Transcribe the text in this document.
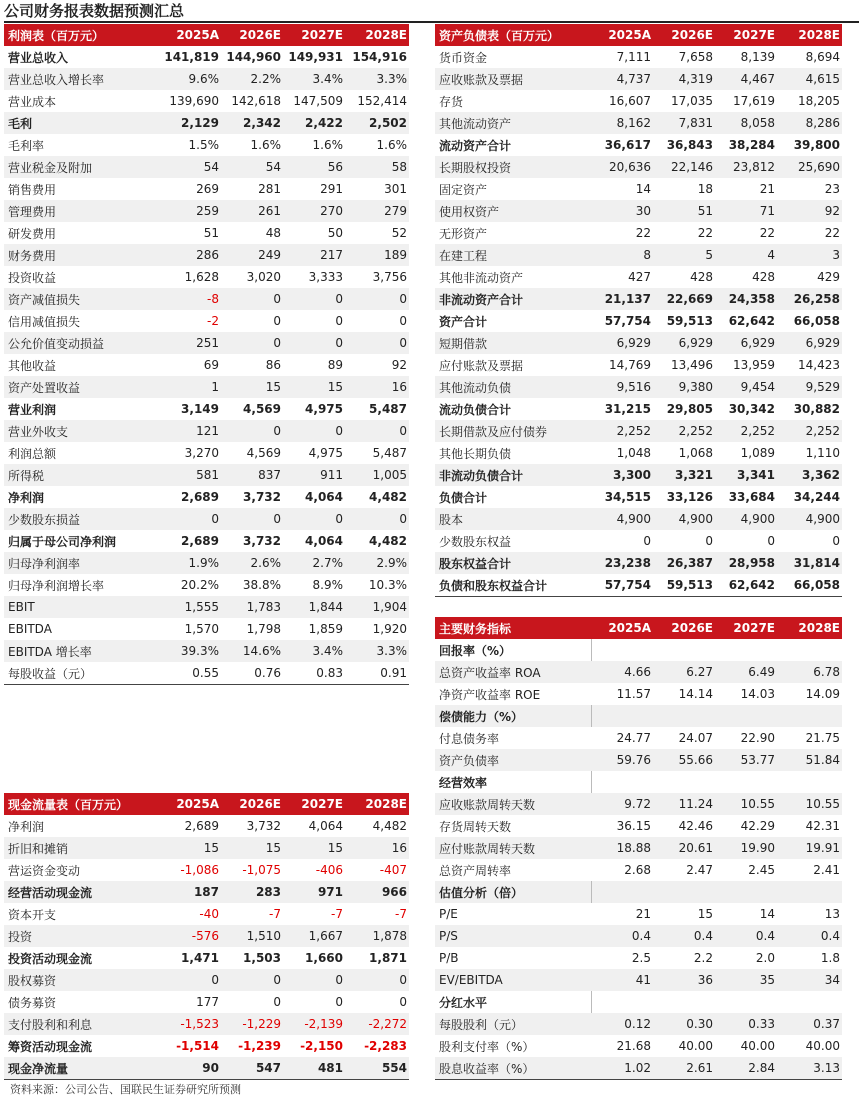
公司财务报表数据预测汇总
利润表（百万元）	2025A	2026E	2027E	2028E
营业总收入	141,819	144,960	149,931	154,916
营业总收入增长率	9.6%	2.2%	3.4%	3.3%
营业成本	139,690	142,618	147,509	152,414
毛利	2,129	2,342	2,422	2,502
毛利率	1.5%	1.6%	1.6%	1.6%
营业税金及附加	54	54	56	58
销售费用	269	281	291	301
管理费用	259	261	270	279
研发费用	51	48	50	52
财务费用	286	249	217	189
投资收益	1,628	3,020	3,333	3,756
资产减值损失	-8	0	0	0
信用减值损失	-2	0	0	0
公允价值变动损益	251	0	0	0
其他收益	69	86	89	92
资产处置收益	1	15	15	16
营业利润	3,149	4,569	4,975	5,487
营业外收支	121	0	0	0
利润总额	3,270	4,569	4,975	5,487
所得税	581	837	911	1,005
净利润	2,689	3,732	4,064	4,482
少数股东损益	0	0	0	0
归属于母公司净利润	2,689	3,732	4,064	4,482
归母净利润率	1.9%	2.6%	2.7%	2.9%
归母净利润增长率	20.2%	38.8%	8.9%	10.3%
EBIT	1,555	1,783	1,844	1,904
EBITDA	1,570	1,798	1,859	1,920
EBITDA 增长率	39.3%	14.6%	3.4%	3.3%
每股收益（元）	0.55	0.76	0.83	0.91
资产负债表（百万元）	2025A	2026E	2027E	2028E
货币资金	7,111	7,658	8,139	8,694
应收账款及票据	4,737	4,319	4,467	4,615
存货	16,607	17,035	17,619	18,205
其他流动资产	8,162	7,831	8,058	8,286
流动资产合计	36,617	36,843	38,284	39,800
长期股权投资	20,636	22,146	23,812	25,690
固定资产	14	18	21	23
使用权资产	30	51	71	92
无形资产	22	22	22	22
在建工程	8	5	4	3
其他非流动资产	427	428	428	429
非流动资产合计	21,137	22,669	24,358	26,258
资产合计	57,754	59,513	62,642	66,058
短期借款	6,929	6,929	6,929	6,929
应付账款及票据	14,769	13,496	13,959	14,423
其他流动负债	9,516	9,380	9,454	9,529
流动负债合计	31,215	29,805	30,342	30,882
长期借款及应付债券	2,252	2,252	2,252	2,252
其他长期负债	1,048	1,068	1,089	1,110
非流动负债合计	3,300	3,321	3,341	3,362
负债合计	34,515	33,126	33,684	34,244
股本	4,900	4,900	4,900	4,900
少数股东权益	0	0	0	0
股东权益合计	23,238	26,387	28,958	31,814
负债和股东权益合计	57,754	59,513	62,642	66,058
主要财务指标	2025A	2026E	2027E	2028E
回报率（%）				
总资产收益率 ROA	4.66	6.27	6.49	6.78
净资产收益率 ROE	11.57	14.14	14.03	14.09
偿债能力（%）				
付息债务率	24.77	24.07	22.90	21.75
资产负债率	59.76	55.66	53.77	51.84
经营效率				
应收账款周转天数	9.72	11.24	10.55	10.55
存货周转天数	36.15	42.46	42.29	42.31
应付账款周转天数	18.88	20.61	19.90	19.91
总资产周转率	2.68	2.47	2.45	2.41
估值分析（倍）				
P/E	21	15	14	13
P/S	0.4	0.4	0.4	0.4
P/B	2.5	2.2	2.0	1.8
EV/EBITDA	41	36	35	34
分红水平				
每股股利（元）	0.12	0.30	0.33	0.37
股利支付率（%）	21.68	40.00	40.00	40.00
股息收益率（%）	1.02	2.61	2.84	3.13
现金流量表（百万元）	2025A	2026E	2027E	2028E
净利润	2,689	3,732	4,064	4,482
折旧和摊销	15	15	15	16
营运资金变动	-1,086	-1,075	-406	-407
经营活动现金流	187	283	971	966
资本开支	-40	-7	-7	-7
投资	-576	1,510	1,667	1,878
投资活动现金流	1,471	1,503	1,660	1,871
股权募资	0	0	0	0
债务募资	177	0	0	0
支付股利和利息	-1,523	-1,229	-2,139	-2,272
筹资活动现金流	-1,514	-1,239	-2,150	-2,283
现金净流量	90	547	481	554
资料来源：公司公告、国联民生证券研究所预测
